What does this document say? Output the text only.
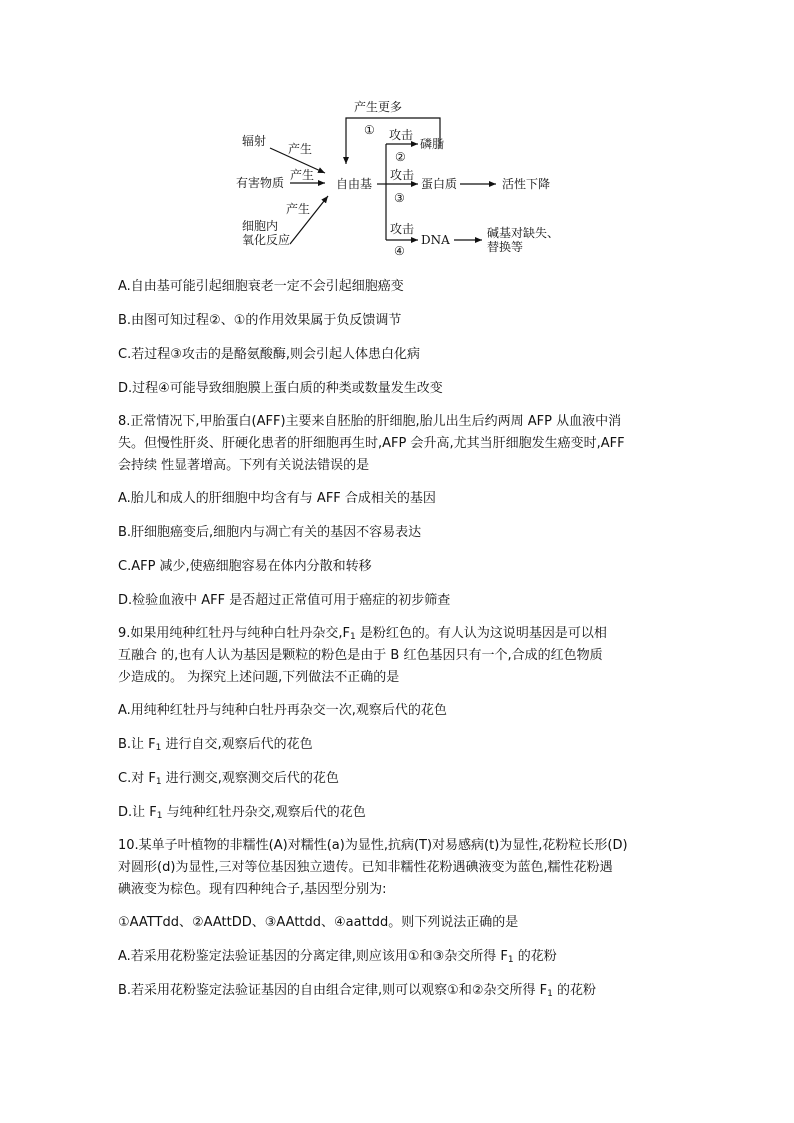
产生更多
① 攻击
磷脂
②
攻击
③
攻击
④
辐射
产生
有害物质
产生
产生
细胞内
氧化反应
自由基	蛋白质	活性下降
DNA	碱基对缺失、
替换等
A.自由基可能引起细胞衰老一定不会引起细胞癌变
B.由图可知过程②、①的作用效果属于负反馈调节
C.若过程③攻击的是酪氨酸酶,则会引起人体患白化病
D.过程④可能导致细胞膜上蛋白质的种类或数量发生改变
8.正常情况下,甲胎蛋白(AFF)主要来自胚胎的肝细胞,胎儿出生后约两周 AFP 从血液中消
失。但慢性肝炎、肝硬化患者的肝细胞再生时,AFP 会升高,尤其当肝细胞发生癌变时,AFF
会持续 性显著增高。下列有关说法错误的是
A.胎儿和成人的肝细胞中均含有与 AFF 合成相关的基因
B.肝细胞癌变后,细胞内与凋亡有关的基因不容易表达
C.AFP 减少,使癌细胞容易在体内分散和转移
D.检验血液中 AFF 是否超过正常值可用于癌症的初步筛查
9.如果用纯种红牡丹与纯种白牡丹杂交$,F_1$ 是粉红色的。有人认为这说明基因是可以相
互融合 的,也有人认为基因是颗粒的粉色是由于 B 红色基因只有一个,合成的红色物质
少造成的。 为探究上述问题,下列做法不正确的是
A.用纯种红牡丹与纯种白牡丹再杂交一次,观察后代的花色
B.让 $F_1$ 进行自交,观察后代的花色
C.对 $F_1$ 进行测交,观察测交后代的花色
D.让 $F_1$ 与纯种红牡丹杂交,观察后代的花色
10.某单子叶植物的非糯性(A)对糯性(a)为显性,抗病(T)对易感病(t)为显性,花粉粒长形(D)
对圆形(d)为显性,三对等位基因独立遗传。已知非糯性花粉遇碘液变为蓝色,糯性花粉遇
碘液变为棕色。现有四种纯合子,基因型分别为:
①AATTdd、②AAttDD、③AAttdd、④aattdd。则下列说法正确的是
A.若采用花粉鉴定法验证基因的分离定律,则应该用①和③杂交所得 $F_1$ 的花粉
B.若采用花粉鉴定法验证基因的自由组合定律,则可以观察①和②杂交所得 $F_1$ 的花粉
